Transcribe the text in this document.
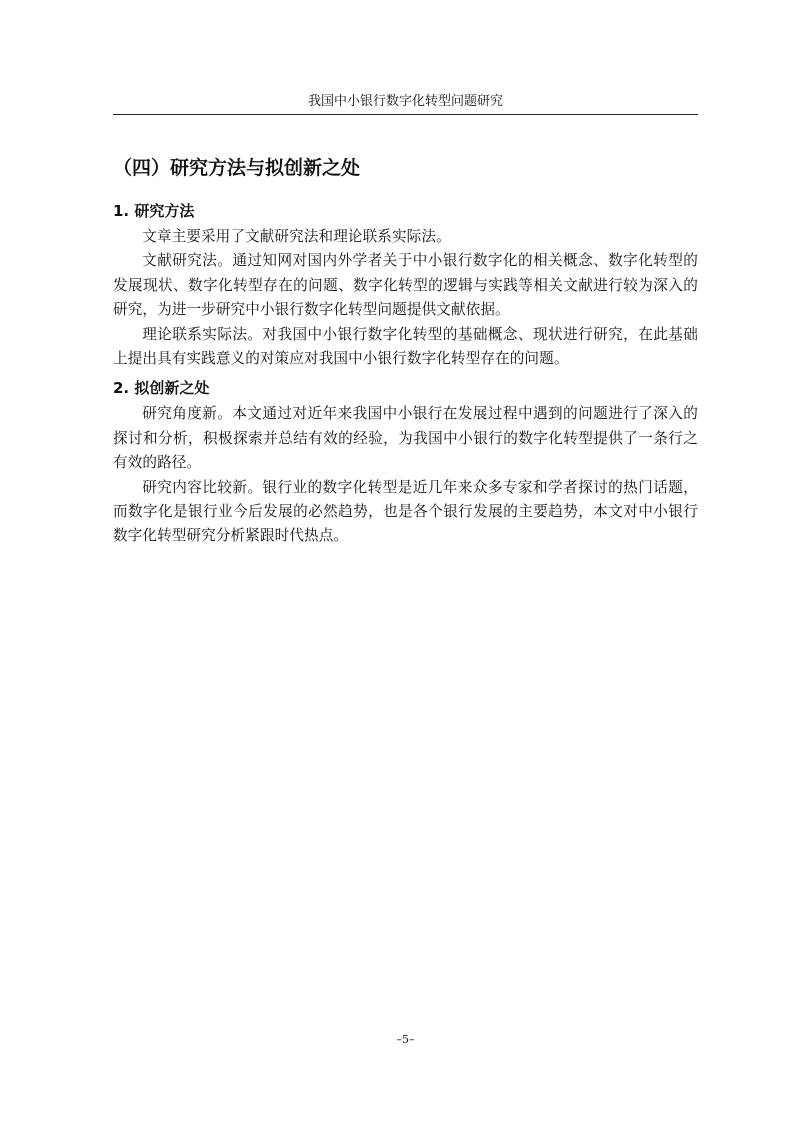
我国中小银行数字化转型问题研究
（四）研究方法与拟创新之处
1. 研究方法

文章主要采用了文献研究法和理论联系实际法。

文献研究法。通过知网对国内外学者关于中小银行数字化的相关概念、数字化转型的发展现状、数字化转型存在的问题、数字化转型的逻辑与实践等相关文献进行较为深入的研究，为进一步研究中小银行数字化转型问题提供文献依据。

理论联系实际法。对我国中小银行数字化转型的基础概念、现状进行研究，在此基础上提出具有实践意义的对策应对我国中小银行数字化转型存在的问题。

2. 拟创新之处

研究角度新。本文通过对近年来我国中小银行在发展过程中遇到的问题进行了深入的探讨和分析，积极探索并总结有效的经验，为我国中小银行的数字化转型提供了一条行之有效的路径。

研究内容比较新。银行业的数字化转型是近几年来众多专家和学者探讨的热门话题，而数字化是银行业今后发展的必然趋势，也是各个银行发展的主要趋势，本文对中小银行数字化转型研究分析紧跟时代热点。

–5–
